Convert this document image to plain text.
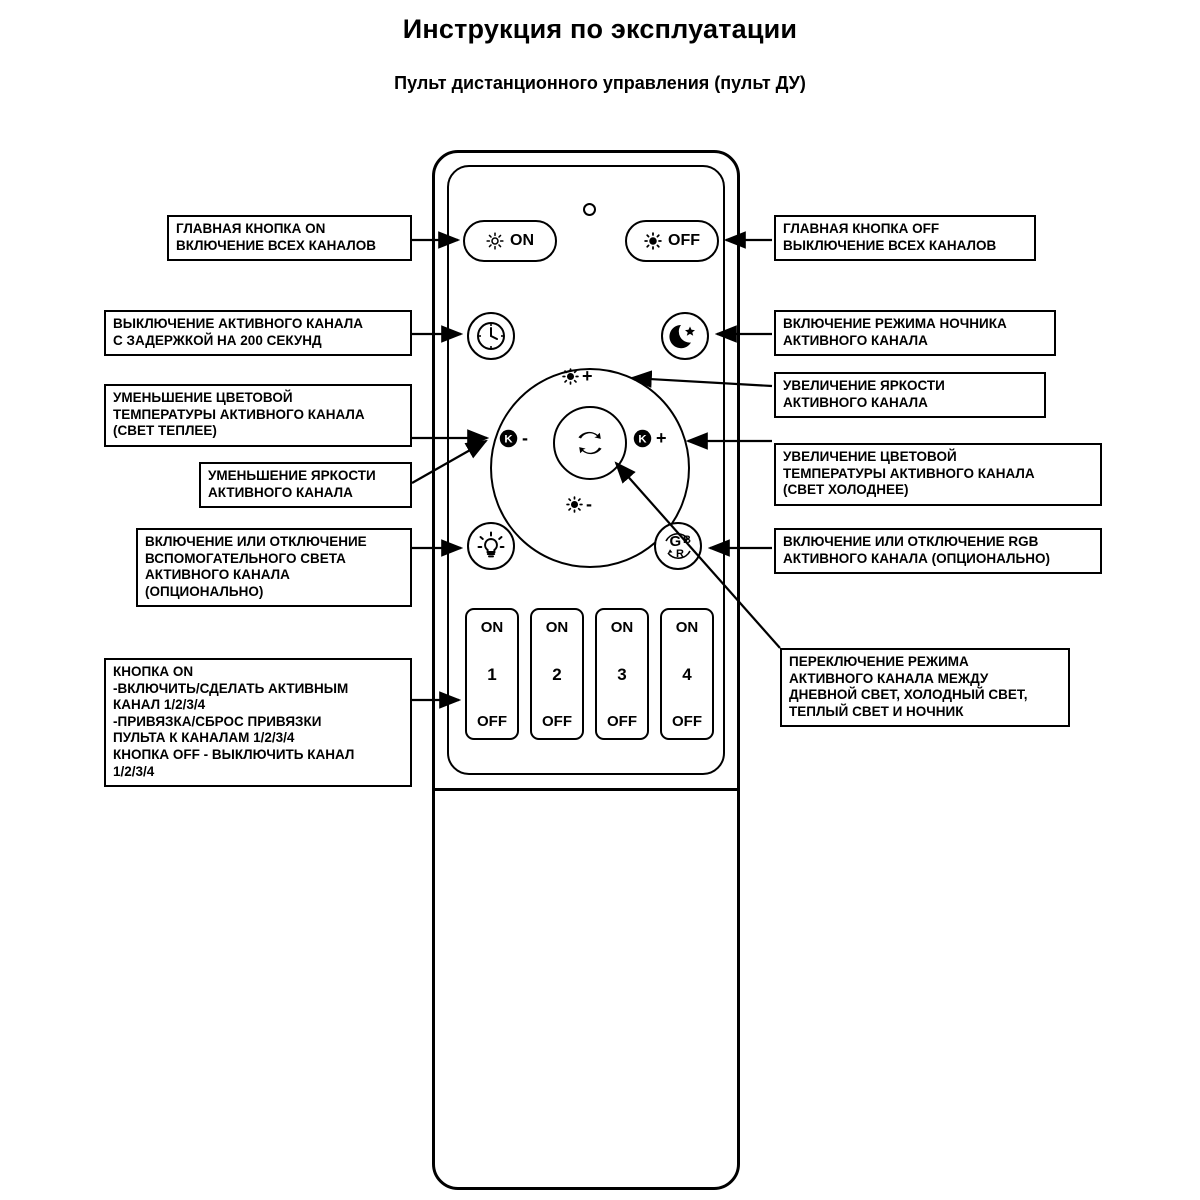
Инструкция по эксплуатации
Пульт дистанционного управления (пульт ДУ)
ON	OFF
+
-
K -	K +
G B
R
ON
1
OFF
ON
2
OFF
ON
3
OFF
ON
4
OFF
ГЛАВНАЯ КНОПКА ON
ВКЛЮЧЕНИЕ ВСЕХ КАНАЛОВ
ГЛАВНАЯ КНОПКА OFF
ВЫКЛЮЧЕНИЕ ВСЕХ КАНАЛОВ
ВЫКЛЮЧЕНИЕ АКТИВНОГО КАНАЛА
С ЗАДЕРЖКОЙ НА 200 СЕКУНД
ВКЛЮЧЕНИЕ РЕЖИМА НОЧНИКА
АКТИВНОГО КАНАЛА
УМЕНЬШЕНИЕ ЦВЕТОВОЙ
ТЕМПЕРАТУРЫ АКТИВНОГО КАНАЛА
(СВЕТ ТЕПЛЕЕ)
УВЕЛИЧЕНИЕ ЯРКОСТИ
АКТИВНОГО КАНАЛА
УМЕНЬШЕНИЕ ЯРКОСТИ
АКТИВНОГО КАНАЛА
УВЕЛИЧЕНИЕ ЦВЕТОВОЙ
ТЕМПЕРАТУРЫ АКТИВНОГО КАНАЛА
(СВЕТ ХОЛОДНЕЕ)
ВКЛЮЧЕНИЕ ИЛИ ОТКЛЮЧЕНИЕ
ВСПОМОГАТЕЛЬНОГО СВЕТА
АКТИВНОГО КАНАЛА
(ОПЦИОНАЛЬНО)
ВКЛЮЧЕНИЕ ИЛИ ОТКЛЮЧЕНИЕ RGB
АКТИВНОГО КАНАЛА (ОПЦИОНАЛЬНО)
КНОПКА ON
-ВКЛЮЧИТЬ/СДЕЛАТЬ АКТИВНЫМ
КАНАЛ 1/2/3/4
-ПРИВЯЗКА/СБРОС ПРИВЯЗКИ
ПУЛЬТА К КАНАЛАМ 1/2/3/4
КНОПКА OFF - ВЫКЛЮЧИТЬ КАНАЛ
1/2/3/4
ПЕРЕКЛЮЧЕНИЕ РЕЖИМА
АКТИВНОГО КАНАЛА МЕЖДУ
ДНЕВНОЙ СВЕТ, ХОЛОДНЫЙ СВЕТ,
ТЕПЛЫЙ СВЕТ И НОЧНИК
